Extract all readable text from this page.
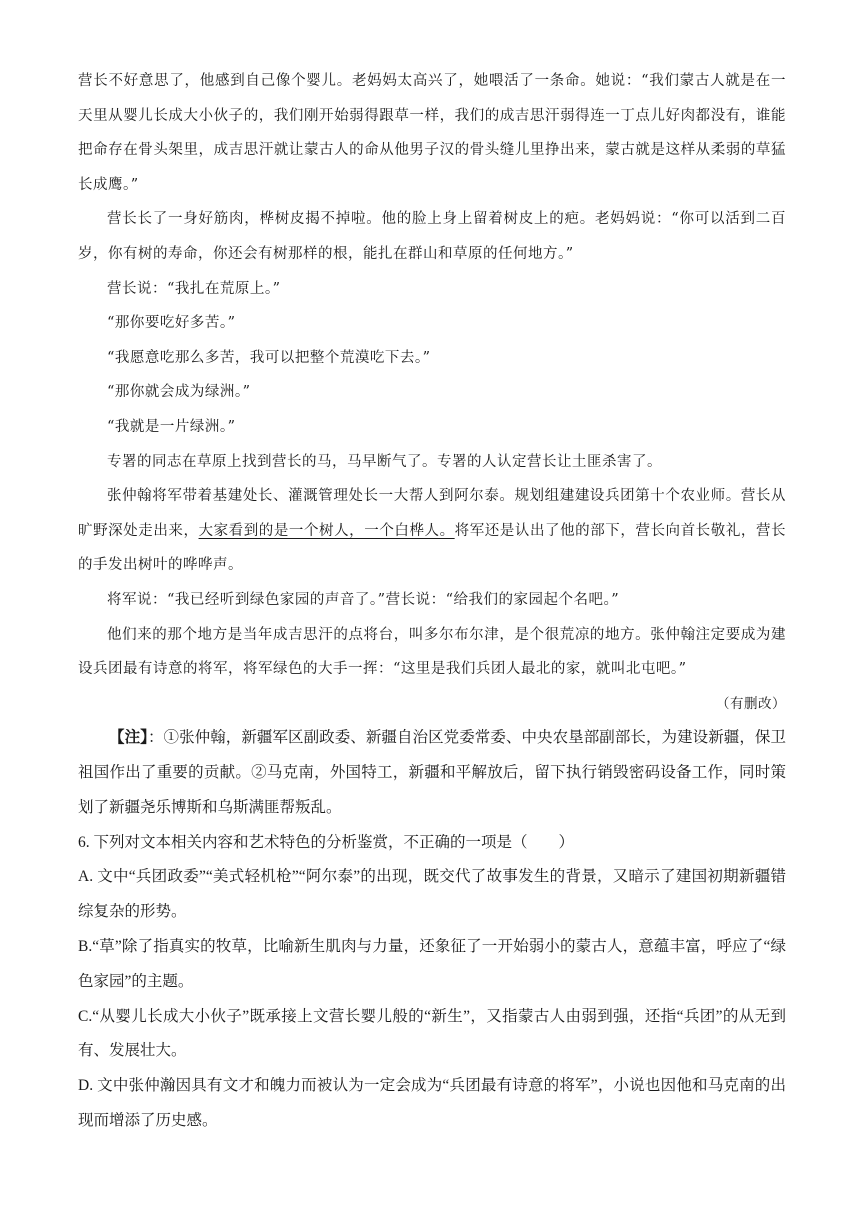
营长不好意思了，他感到自己像个婴儿。老妈妈太高兴了，她喂活了一条命。她说：“我们蒙古人就是在一天里从婴儿长成大小伙子的，我们刚开始弱得跟草一样，我们的成吉思汗弱得连一丁点儿好肉都没有，谁能把命存在骨头架里，成吉思汗就让蒙古人的命从他男子汉的骨头缝儿里挣出来，蒙古就是这样从柔弱的草猛长成鹰。”

营长长了一身好筋肉，桦树皮揭不掉啦。他的脸上身上留着树皮上的疤。老妈妈说：“你可以活到二百岁，你有树的寿命，你还会有树那样的根，能扎在群山和草原的任何地方。”

营长说：“我扎在荒原上。”

“那你要吃好多苦。”

“我愿意吃那么多苦，我可以把整个荒漠吃下去。”

“那你就会成为绿洲。”

“我就是一片绿洲。”

专署的同志在草原上找到营长的马，马早断气了。专署的人认定营长让土匪杀害了。

张仲翰将军带着基建处长、灌溉管理处长一大帮人到阿尔泰。规划组建建设兵团第十个农业师。营长从旷野深处走出来，大家看到的是一个树人，一个白桦人。将军还是认出了他的部下，营长向首长敬礼，营长的手发出树叶的哗哗声。

将军说：“我已经听到绿色家园的声音了。”营长说：“给我们的家园起个名吧。”

他们来的那个地方是当年成吉思汗的点将台，叫多尔布尔津，是个很荒凉的地方。张仲翰注定要成为建设兵团最有诗意的将军，将军绿色的大手一挥：“这里是我们兵团人最北的家，就叫北屯吧。”

（有删改）

【注】：①张仲翰，新疆军区副政委、新疆自治区党委常委、中央农垦部副部长，为建设新疆，保卫祖国作出了重要的贡献。②马克南，外国特工，新疆和平解放后，留下执行销毁密码设备工作，同时策划了新疆尧乐博斯和乌斯满匪帮叛乱。

6. 下列对文本相关内容和艺术特色的分析鉴赏，不正确的一项是（　　）

A. 文中“兵团政委”“美式轻机枪”“阿尔泰”的出现，既交代了故事发生的背景，又暗示了建国初期新疆错综复杂的形势。

B.“草”除了指真实的牧草，比喻新生肌肉与力量，还象征了一开始弱小的蒙古人，意蕴丰富，呼应了“绿色家园”的主题。

C.“从婴儿长成大小伙子”既承接上文营长婴儿般的“新生”，又指蒙古人由弱到强，还指“兵团”的从无到有、发展壮大。

D. 文中张仲瀚因具有文才和魄力而被认为一定会成为“兵团最有诗意的将军”，小说也因他和马克南的出现而增添了历史感。
